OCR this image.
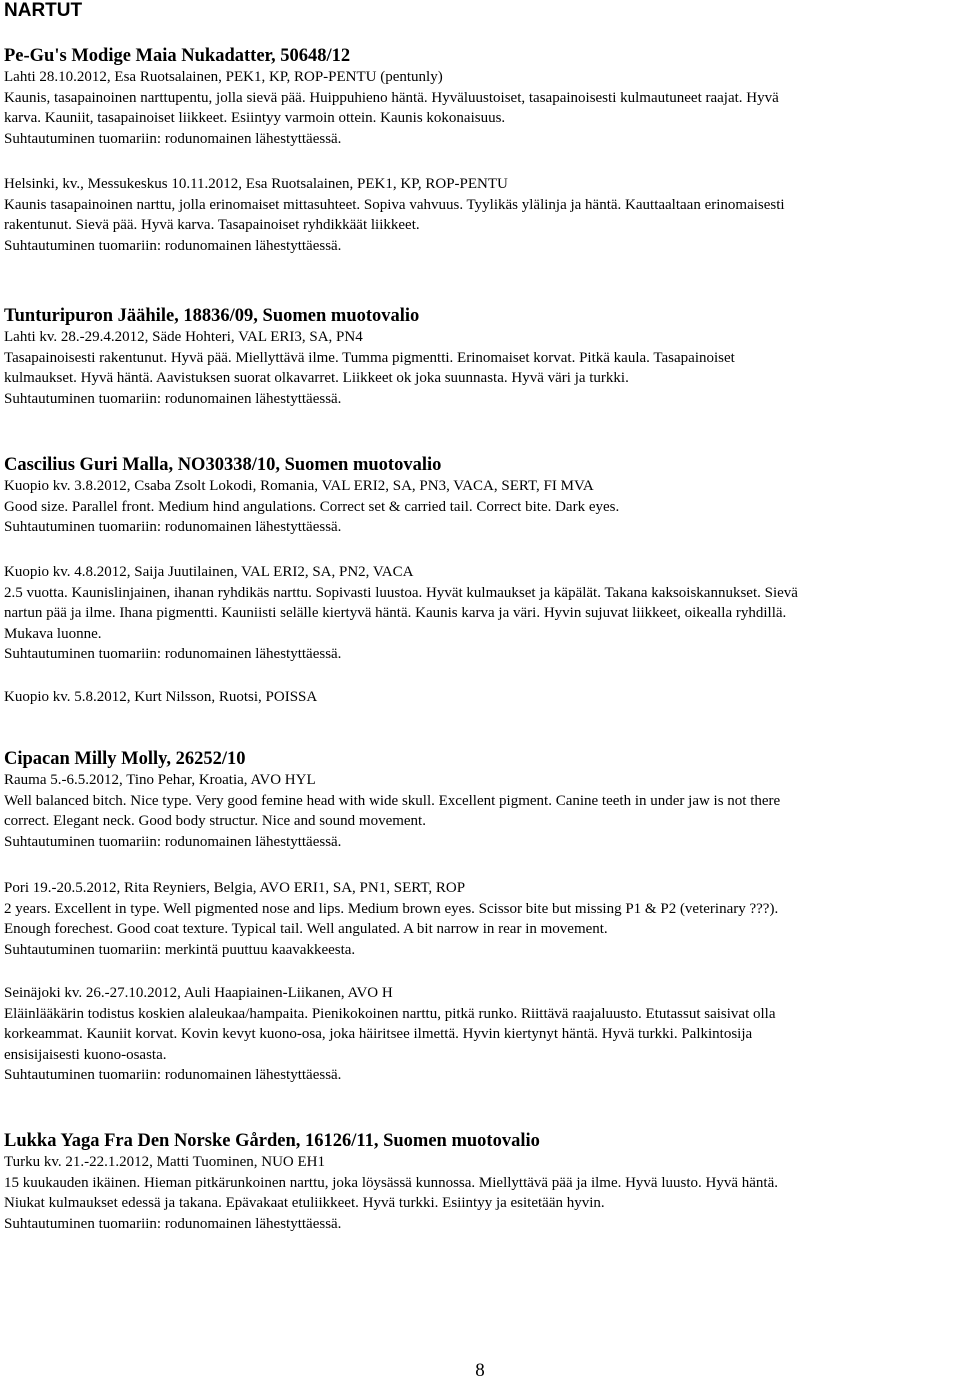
NARTUT
Pe-Gu's Modige Maia Nukadatter, 50648/12

Lahti 28.10.2012, Esa Ruotsalainen, PEK1, KP, ROP-PENTU (pentunly)

Kaunis, tasapainoinen narttupentu, jolla sievä pää. Huippuhieno häntä. Hyväluustoiset, tasapainoisesti kulmautuneet raajat. Hyvä

karva. Kauniit, tasapainoiset liikkeet. Esiintyy varmoin ottein. Kaunis kokonaisuus.

Suhtautuminen tuomariin: rodunomainen lähestyttäessä.

Helsinki, kv., Messukeskus 10.11.2012, Esa Ruotsalainen, PEK1, KP, ROP-PENTU

Kaunis tasapainoinen narttu, jolla erinomaiset mittasuhteet. Sopiva vahvuus. Tyylikäs ylälinja ja häntä. Kauttaaltaan erinomaisesti

rakentunut. Sievä pää. Hyvä karva. Tasapainoiset ryhdikkäät liikkeet.

Suhtautuminen tuomariin: rodunomainen lähestyttäessä.

Tunturipuron Jäähile, 18836/09, Suomen muotovalio

Lahti kv. 28.-29.4.2012, Säde Hohteri, VAL ERI3, SA, PN4

Tasapainoisesti rakentunut. Hyvä pää. Miellyttävä ilme. Tumma pigmentti. Erinomaiset korvat. Pitkä kaula. Tasapainoiset

kulmaukset. Hyvä häntä. Aavistuksen suorat olkavarret. Liikkeet ok joka suunnasta. Hyvä väri ja turkki.

Suhtautuminen tuomariin: rodunomainen lähestyttäessä.

Cascilius Guri Malla, NO30338/10, Suomen muotovalio

Kuopio kv. 3.8.2012, Csaba Zsolt Lokodi, Romania, VAL ERI2, SA, PN3, VACA, SERT, FI MVA

Good size. Parallel front. Medium hind angulations. Correct set & carried tail. Correct bite. Dark eyes.

Suhtautuminen tuomariin: rodunomainen lähestyttäessä.

Kuopio kv. 4.8.2012, Saija Juutilainen, VAL ERI2, SA, PN2, VACA

2.5 vuotta. Kaunislinjainen, ihanan ryhdikäs narttu. Sopivasti luustoa. Hyvät kulmaukset ja käpälät. Takana kaksoiskannukset. Sievä

nartun pää ja ilme. Ihana pigmentti. Kauniisti selälle kiertyvä häntä. Kaunis karva ja väri. Hyvin sujuvat liikkeet, oikealla ryhdillä.

Mukava luonne.

Suhtautuminen tuomariin: rodunomainen lähestyttäessä.

Kuopio kv. 5.8.2012, Kurt Nilsson, Ruotsi, POISSA

Cipacan Milly Molly, 26252/10

Rauma 5.-6.5.2012, Tino Pehar, Kroatia, AVO HYL

Well balanced bitch. Nice type. Very good femine head with wide skull. Excellent pigment. Canine teeth in under jaw is not there

correct. Elegant neck. Good body structur. Nice and sound movement.

Suhtautuminen tuomariin: rodunomainen lähestyttäessä.

Pori 19.-20.5.2012, Rita Reyniers, Belgia, AVO ERI1, SA, PN1, SERT, ROP

2 years. Excellent in type. Well pigmented nose and lips. Medium brown eyes. Scissor bite but missing P1 & P2 (veterinary ???).

Enough forechest. Good coat texture. Typical tail. Well angulated. A bit narrow in rear in movement.

Suhtautuminen tuomariin: merkintä puuttuu kaavakkeesta.

Seinäjoki kv. 26.-27.10.2012, Auli Haapiainen-Liikanen, AVO H

Eläinlääkärin todistus koskien alaleukaa/hampaita. Pienikokoinen narttu, pitkä runko. Riittävä raajaluusto. Etutassut saisivat olla

korkeammat. Kauniit korvat. Kovin kevyt kuono-osa, joka häiritsee ilmettä. Hyvin kiertynyt häntä. Hyvä turkki. Palkintosija

ensisijaisesti kuono-osasta.

Suhtautuminen tuomariin: rodunomainen lähestyttäessä.

Lukka Yaga Fra Den Norske Gården, 16126/11, Suomen muotovalio

Turku kv. 21.-22.1.2012, Matti Tuominen, NUO EH1

15 kuukauden ikäinen. Hieman pitkärunkoinen narttu, joka löysässä kunnossa. Miellyttävä pää ja ilme. Hyvä luusto. Hyvä häntä.

Niukat kulmaukset edessä ja takana. Epävakaat etuliikkeet. Hyvä turkki. Esiintyy ja esitetään hyvin.

Suhtautuminen tuomariin: rodunomainen lähestyttäessä.

8
